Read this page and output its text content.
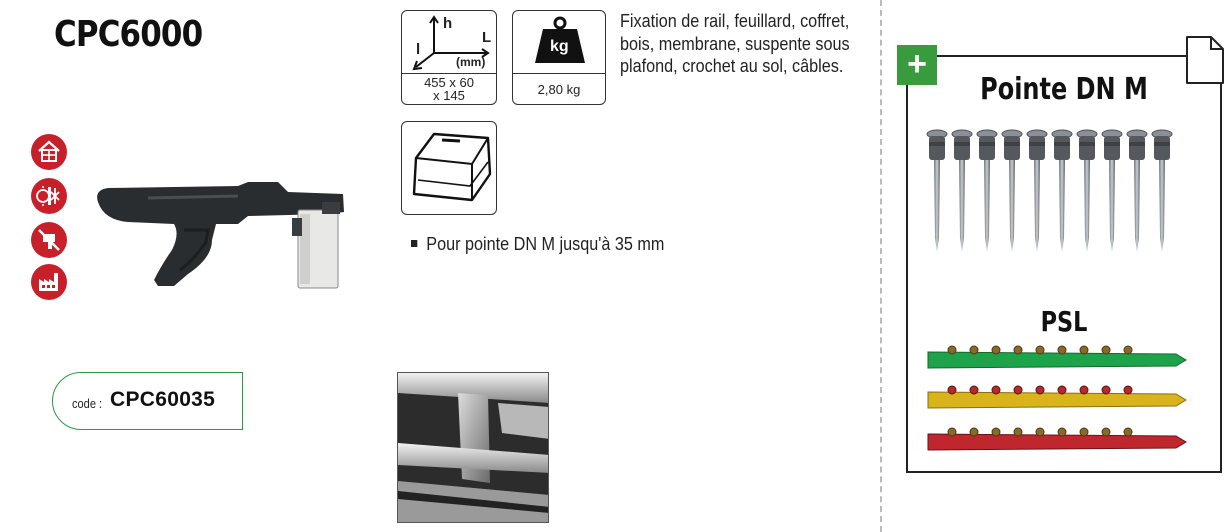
CPC6000
code : CPC60035
h
L
l
(mm)
455 x 60
x 145
kg
2,80 kg
Fixation de rail, feuillard, coffret, bois, membrane, suspente sous plafond, crochet au sol, câbles.
Pour pointe DN M jusqu'à 35 mm
+
Pointe DN M
PSL
